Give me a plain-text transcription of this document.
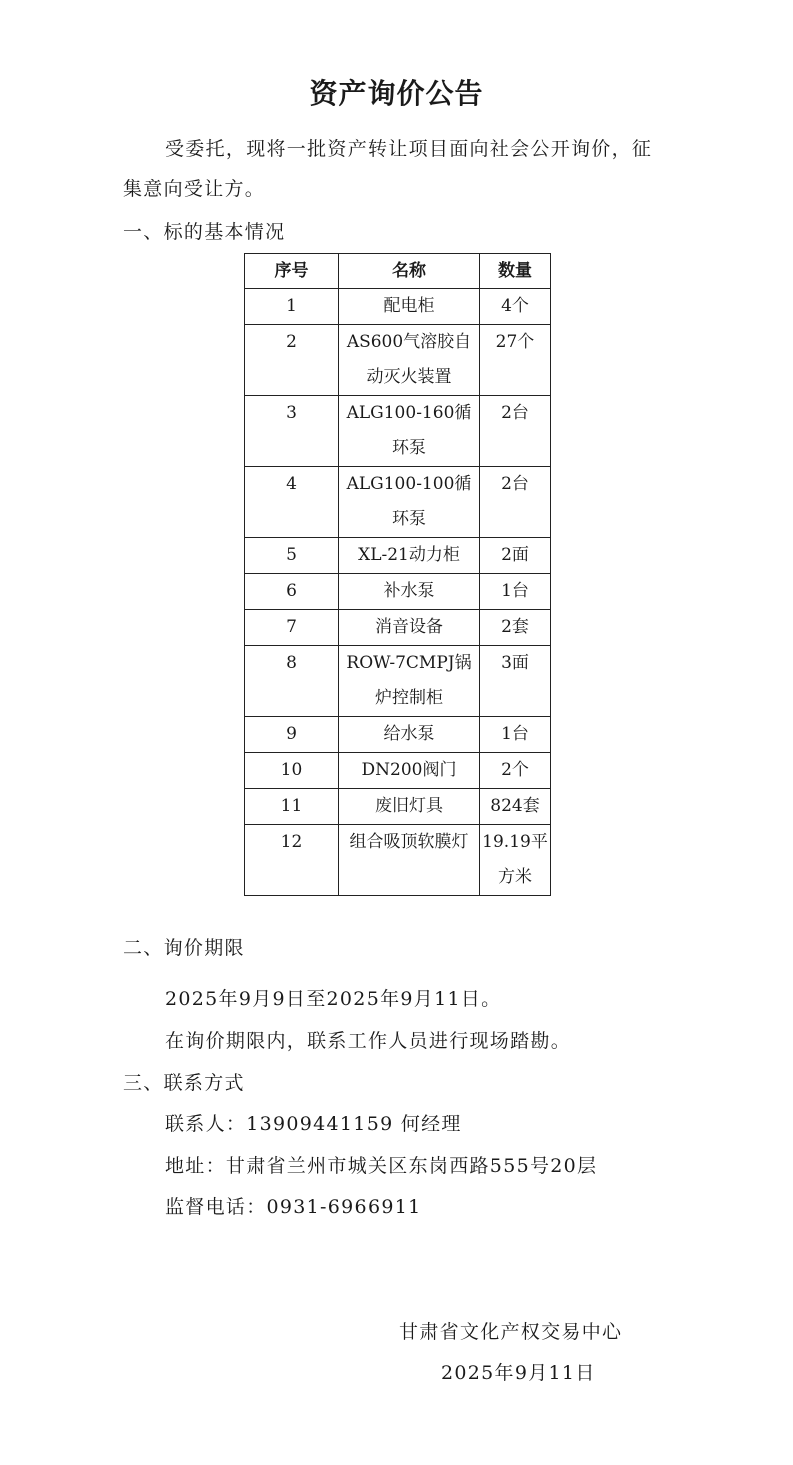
资产询价公告
受委托，现将一批资产转让项目面向社会公开询价，征
集意向受让方。
一、标的基本情况
序号	名称	数量
1	配电柜	4个
2	AS600气溶胶自动灭火装置	27个
3	ALG100-160循环泵	2台
4	ALG100-100循环泵	2台
5	XL-21动力柜	2面
6	补水泵	1台
7	消音设备	2套
8	ROW-7CMPJ锅炉控制柜	3面
9	给水泵	1台
10	DN200阀门	2个
11	废旧灯具	824套
12	组合吸顶软膜灯	19.19平方米
二、询价期限
2025年9月9日至2025年9月11日。
在询价期限内，联系工作人员进行现场踏勘。
三、联系方式
联系人：13909441159 何经理
地址：甘肃省兰州市城关区东岗西路555号20层
监督电话：0931-6966911
甘肃省文化产权交易中心
2025年9月11日
